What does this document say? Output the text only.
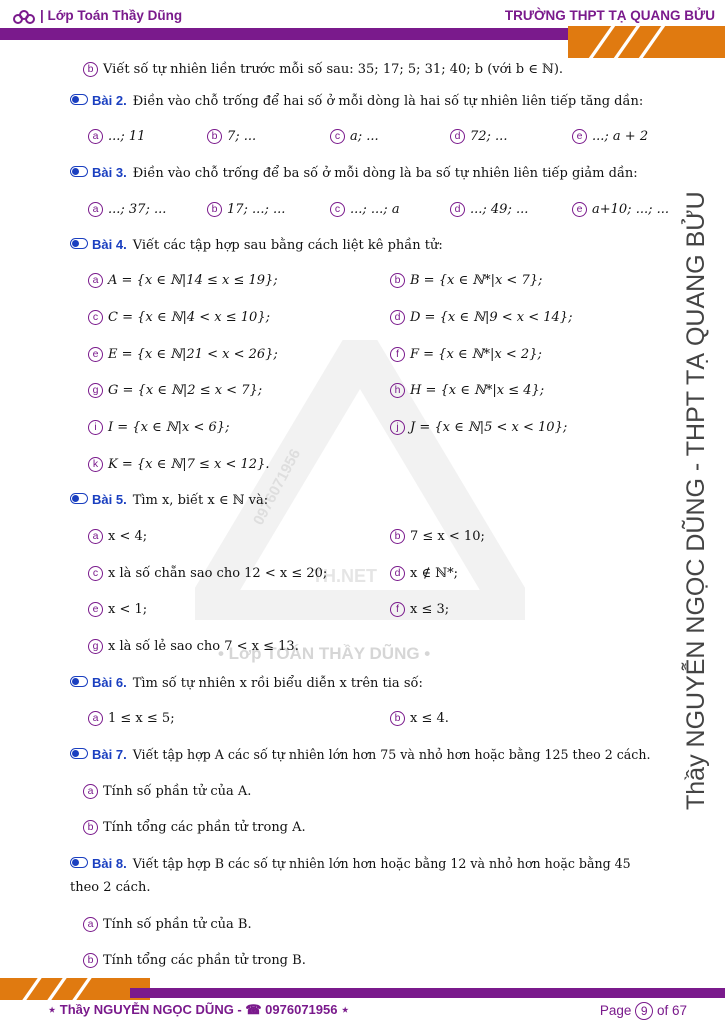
| Lớp Toán Thầy Dũng	TRƯỜNG THPT TẠ QUANG BỬU
0976071956
TH.NET
• Lớp TOÁN THẦY DŨNG •	Thầy NGUYỄN NGỌC DŨNG - THPT TẠ QUANG BỬU
b Viết số tự nhiên liền trước mỗi số sau: 35; 17; 5; 31; 40; b (với b ∈ ℕ).
Bài 2. Điền vào chỗ trống để hai số ở mỗi dòng là hai số tự nhiên liên tiếp tăng dần:
a ...; 11	b 7; ...	c a; ...	d 72; ...	e ...; a + 2
Bài 3. Điền vào chỗ trống để ba số ở mỗi dòng là ba số tự nhiên liên tiếp giảm dần:
a ...; 37; ...	b 17; ...; ...	c ...; ...; a	d ...; 49; ...	e a+10; ...; ...
Bài 4. Viết các tập hợp sau bằng cách liệt kê phần tử:
a A = {x ∈ ℕ|14 ≤ x ≤ 19};	b B = {x ∈ ℕ*|x < 7};
c C = {x ∈ ℕ|4 < x ≤ 10};	d D = {x ∈ ℕ|9 < x < 14};
e E = {x ∈ ℕ|21 < x < 26};	f F = {x ∈ ℕ*|x < 2};
g G = {x ∈ ℕ|2 ≤ x < 7};	h H = {x ∈ ℕ*|x ≤ 4};
i I = {x ∈ ℕ|x < 6};	j J = {x ∈ ℕ|5 < x < 10};
k K = {x ∈ ℕ|7 ≤ x < 12}.
Bài 5. Tìm x, biết x ∈ ℕ và:
a x < 4;	b 7 ≤ x < 10;
c x là số chẵn sao cho 12 < x ≤ 20;	d x ∉ ℕ*;
e x < 1;	f x ≤ 3;
g x là số lẻ sao cho 7 < x ≤ 13.
Bài 6. Tìm số tự nhiên x rồi biểu diễn x trên tia số:
a 1 ≤ x ≤ 5;	b x ≤ 4.
Bài 7. Viết tập hợp A các số tự nhiên lớn hơn 75 và nhỏ hơn hoặc bằng 125 theo 2 cách.
a Tính số phần tử của A.
b Tính tổng các phần tử trong A.
Bài 8. Viết tập hợp B các số tự nhiên lớn hơn hoặc bằng 12 và nhỏ hơn hoặc bằng 45
theo 2 cách.
a Tính số phần tử của B.
b Tính tổng các phần tử trong B.
⋆ Thầy NGUYỄN NGỌC DŨNG - ☎ 0976071956 ⋆	Page 9 of 67
